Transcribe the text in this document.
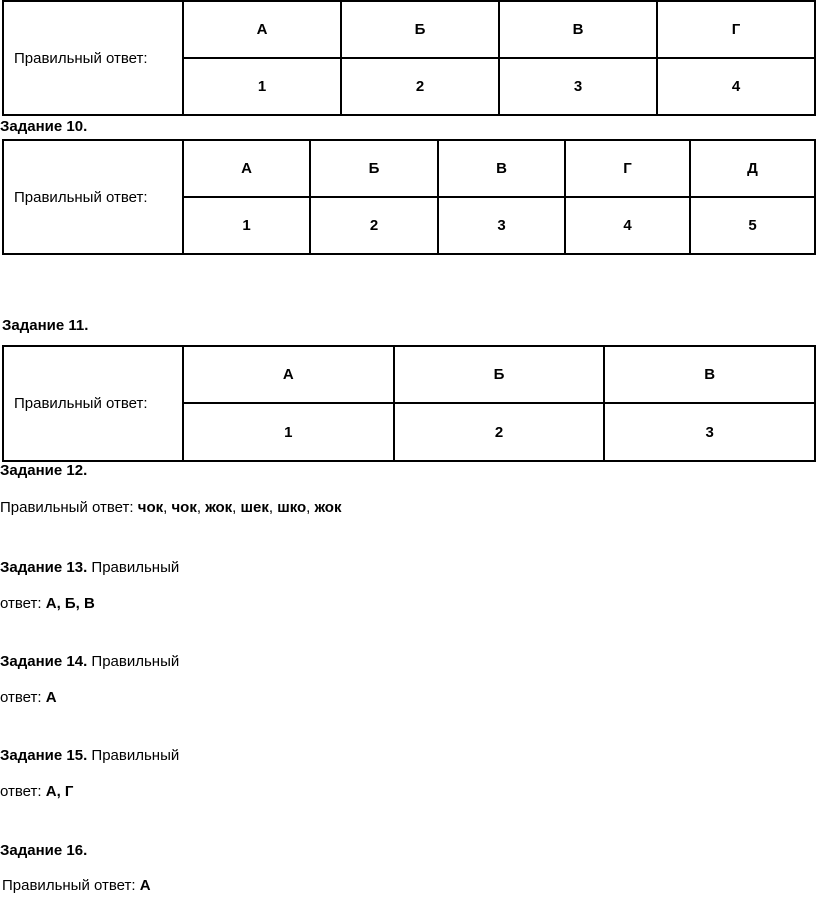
Правильный ответ:	А	Б	В	Г
	1	2	3	4
Задание 10.
Правильный ответ:	А	Б	В	Г	Д
	1	2	3	4	5
Задание 11.
Правильный ответ:	А	Б	В
	1	2	3
Задание 12.
Правильный ответ: чок, чок, жок, шек, шко, жок
Задание 13. Правильный
ответ: А, Б, В
Задание 14. Правильный
ответ: А
Задание 15. Правильный
ответ: А, Г
Задание 16.
Правильный ответ: А
